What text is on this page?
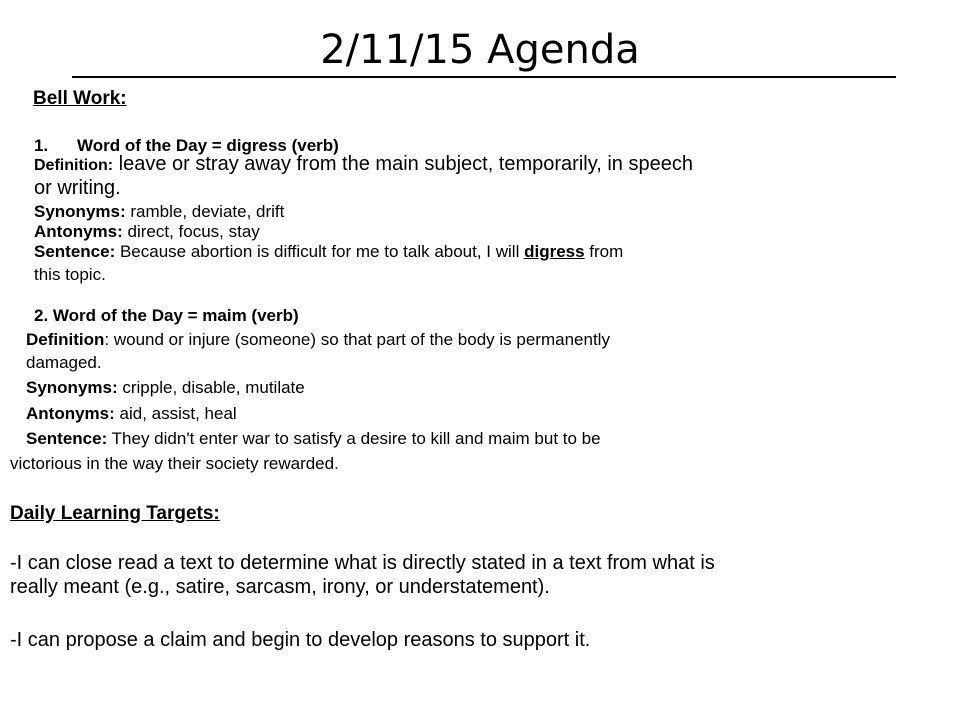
2/11/15 Agenda
Bell Work:
1. Word of the Day = digress (verb)
Definition: leave or stray away from the main subject, temporarily, in speech
or writing.
Synonyms: ramble, deviate, drift
Antonyms: direct, focus, stay
Sentence: Because abortion is difficult for me to talk about, I will digress from
this topic.
2. Word of the Day = maim (verb)
Definition: wound or injure (someone) so that part of the body is permanently
damaged.
Synonyms: cripple, disable, mutilate
Antonyms: aid, assist, heal
Sentence: They didn't enter war to satisfy a desire to kill and maim but to be
victorious in the way their society rewarded.
Daily Learning Targets:
-I can close read a text to determine what is directly stated in a text from what is
really meant (e.g., satire, sarcasm, irony, or understatement).
-I can propose a claim and begin to develop reasons to support it.
